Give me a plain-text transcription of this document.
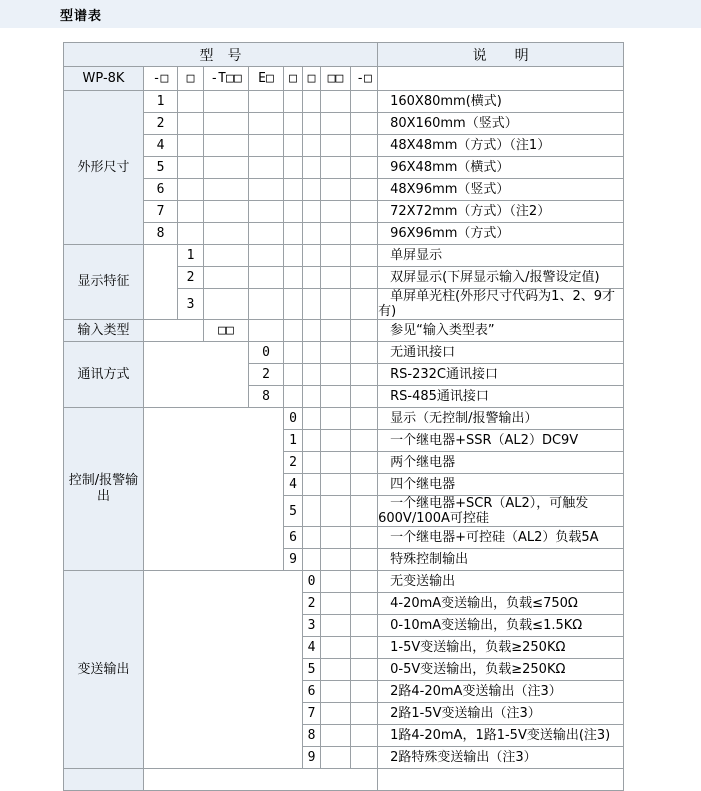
型谱表
型　号									说　　明
WP-8K	-□	□	-T□□	E□	□	□	□□	-□	
外形尺寸	1								160X80mm(横式)
	2								80X160mm（竖式）
	4								48X48mm（方式）（注1）
	5								96X48mm（横式）
	6								48X96mm（竖式）
	7								72X72mm（方式）（注2）
	8								96X96mm（方式）
显示特征		1							单屏显示
		2							双屏显示(下屏显示输入/报警设定值)
		3							单屏单光柱(外形尺寸代码为1、2、9才有)
输入类型			□□						参见“输入类型表”
通讯方式				0					无通讯接口
				2					RS-232C通讯接口
				8					RS-485通讯接口
控制/报警输出					0				显示（无控制/报警输出）
					1				一个继电器+SSR（AL2）DC9V
					2				两个继电器
					4				四个继电器
					5				一个继电器+SCR（AL2），可触发600V/100A可控硅
					6				一个继电器+可控硅（AL2）负载5A
					9				特殊控制输出
变送输出						0			无变送输出
						2			4-20mA变送输出，负载≤750Ω
						3			0-10mA变送输出，负载≤1.5KΩ
						4			1-5V变送输出，负载≥250KΩ
						5			0-5V变送输出，负载≥250KΩ
						6			2路4-20mA变送输出（注3）
						7			2路1-5V变送输出（注3）
						8			1路4-20mA，1路1-5V变送输出(注3)
						9			2路特殊变送输出（注3）
